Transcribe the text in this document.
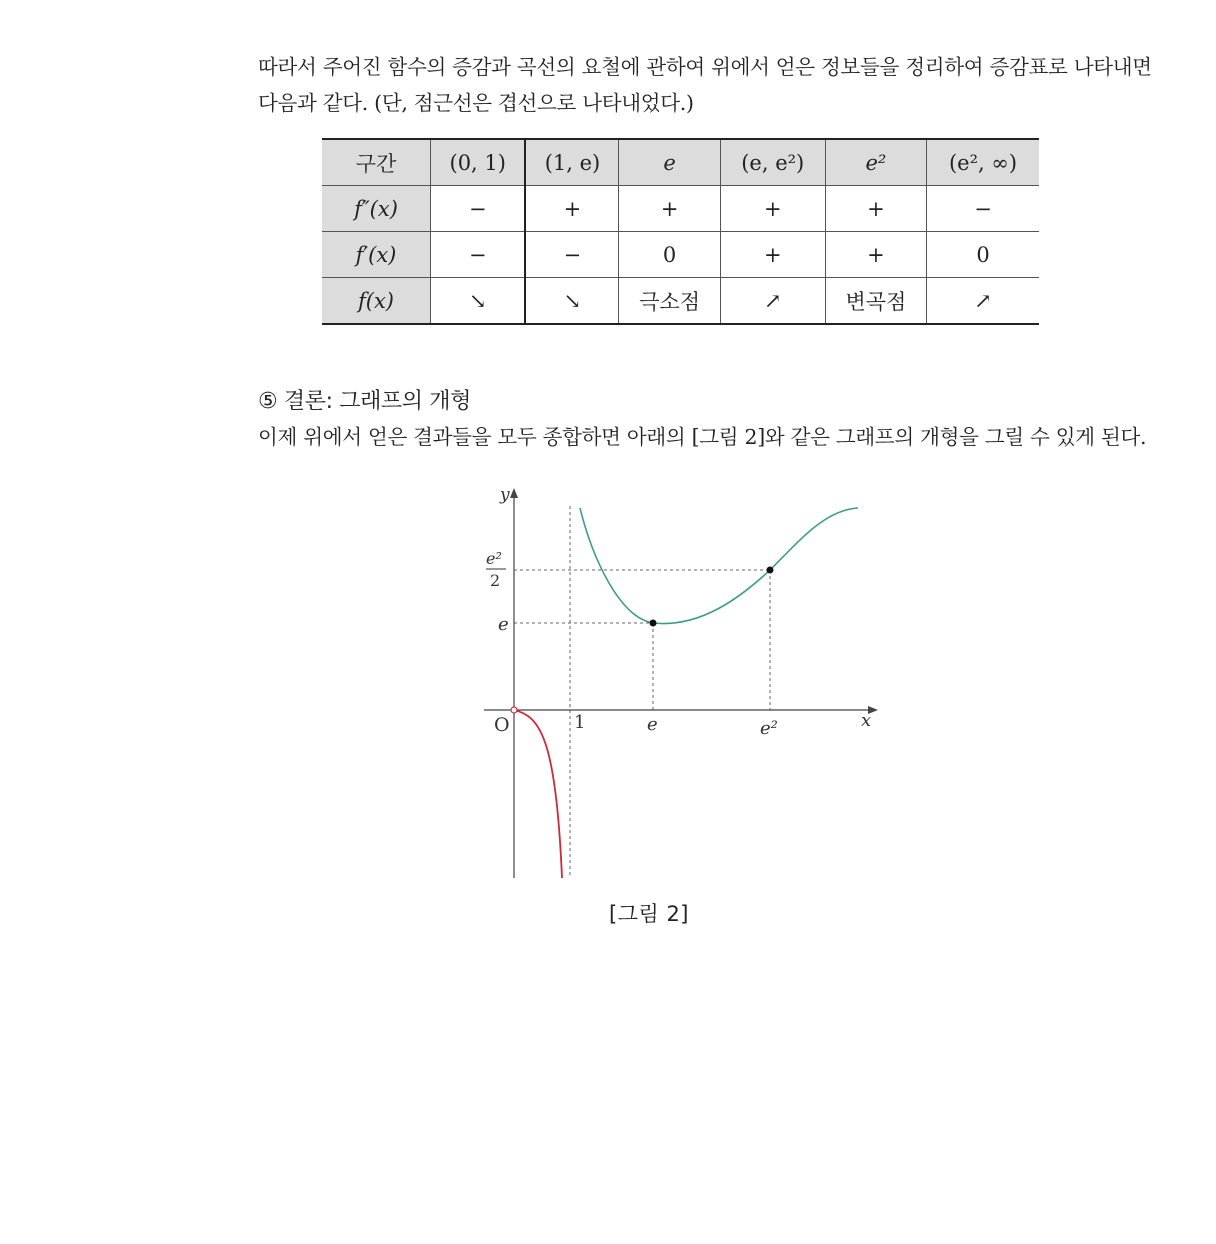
따라서 주어진 함수의 증감과 곡선의 요철에 관하여 위에서 얻은 정보들을 정리하여 증감표로 나타내면
다음과 같다. (단, 점근선은 겹선으로 나타내었다.)
구간	(0, 1)	(1, e)	e	(e, e²)	e²	(e², ∞)
f″(x)	−	+	+	+	+	−
f′(x)	−	−	0	+	+	0
f(x)	↘	↘	극소점	↗	변곡점	↗
⑤ 결론: 그래프의 개형
이제 위에서 얻은 결과들을 모두 종합하면 아래의 [그림 2]와 같은 그래프의 개형을 그릴 수 있게 된다.
y
x
O	1	e	e²
e
e²
2
[그림 2]
